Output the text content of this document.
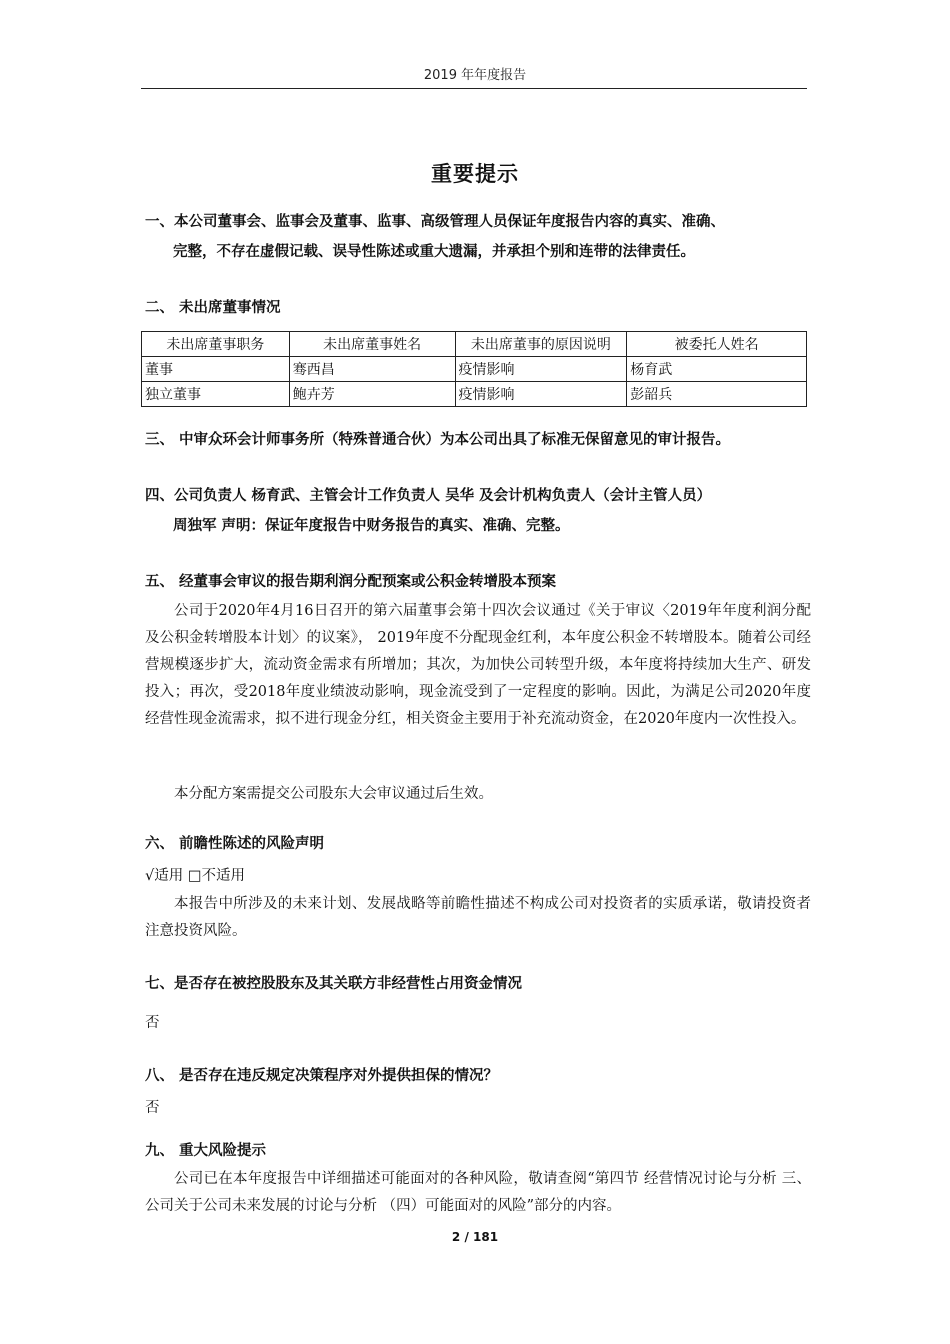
2019 年年度报告
重要提示
一、本公司董事会、监事会及董事、监事、高级管理人员保证年度报告内容的真实、准确、
完整，不存在虚假记载、误导性陈述或重大遗漏，并承担个别和连带的法律责任。
二、 未出席董事情况
未出席董事职务	未出席董事姓名	未出席董事的原因说明	被委托人姓名
董事	骞西昌	疫情影响	杨育武
独立董事	鲍卉芳	疫情影响	彭韶兵
三、 中审众环会计师事务所（特殊普通合伙）为本公司出具了标准无保留意见的审计报告。
四、公司负责人 杨育武、主管会计工作负责人 吴华 及会计机构负责人（会计主管人员）
周独军 声明：保证年度报告中财务报告的真实、准确、完整。
五、 经董事会审议的报告期利润分配预案或公积金转增股本预案
公司于2020年4月16日召开的第六届董事会第十四次会议通过《关于审议〈2019年年度利润分配及公积金转增股本计划〉的议案》， 2019年度不分配现金红利，本年度公积金不转增股本。随着公司经营规模逐步扩大，流动资金需求有所增加；其次，为加快公司转型升级，本年度将持续加大生产、研发投入；再次，受2018年度业绩波动影响，现金流受到了一定程度的影响。因此，为满足公司2020年度经营性现金流需求，拟不进行现金分红，相关资金主要用于补充流动资金，在2020年度内一次性投入。
本分配方案需提交公司股东大会审议通过后生效。
六、 前瞻性陈述的风险声明
√适用 □不适用
本报告中所涉及的未来计划、发展战略等前瞻性描述不构成公司对投资者的实质承诺，敬请投资者注意投资风险。
七、是否存在被控股股东及其关联方非经营性占用资金情况
否
八、 是否存在违反规定决策程序对外提供担保的情况？
否
九、 重大风险提示
公司已在本年度报告中详细描述可能面对的各种风险，敬请查阅“第四节 经营情况讨论与分析 三、公司关于公司未来发展的讨论与分析 （四）可能面对的风险”部分的内容。
2 / 181
